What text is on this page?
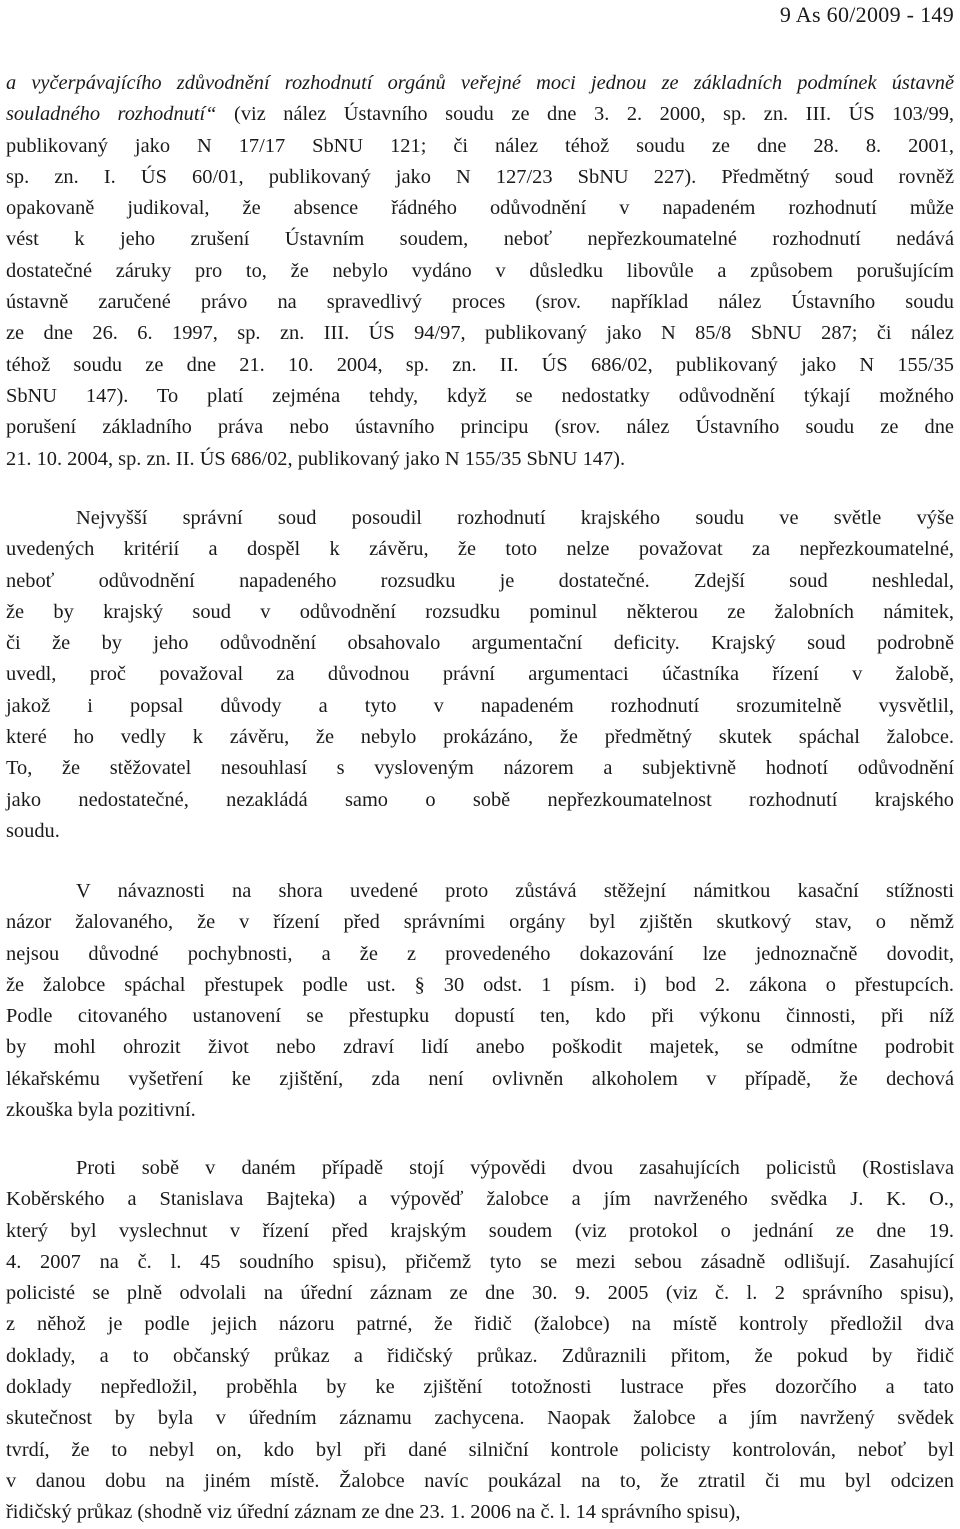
9 As 60/2009 - 149
a vyčerpávajícího zdůvodnění rozhodnutí orgánů veřejné moci jednou ze základních podmínek ústavně
souladného rozhodnutí“ (viz nález Ústavního soudu ze dne 3. 2. 2000, sp. zn. III. ÚS 103/99,
publikovaný jako N 17/17 SbNU 121; či nález téhož soudu ze dne 28. 8. 2001,
sp. zn. I. ÚS 60/01, publikovaný jako N 127/23 SbNU 227). Předmětný soud rovněž
opakovaně judikoval, že absence řádného odůvodnění v napadeném rozhodnutí může
vést k jeho zrušení Ústavním soudem, neboť nepřezkoumatelné rozhodnutí nedává
dostatečné záruky pro to, že nebylo vydáno v důsledku libovůle a způsobem porušujícím
ústavně zaručené právo na spravedlivý proces (srov. například nález Ústavního soudu
ze dne 26. 6. 1997, sp. zn. III. ÚS 94/97, publikovaný jako N 85/8 SbNU 287; či nález
téhož soudu ze dne 21. 10. 2004, sp. zn. II. ÚS 686/02, publikovaný jako N 155/35
SbNU 147). To platí zejména tehdy, když se nedostatky odůvodnění týkají možného
porušení základního práva nebo ústavního principu (srov. nález Ústavního soudu ze dne
21. 10. 2004, sp. zn. II. ÚS 686/02, publikovaný jako N 155/35 SbNU 147).
Nejvyšší správní soud posoudil rozhodnutí krajského soudu ve světle výše
uvedených kritérií a dospěl k závěru, že toto nelze považovat za nepřezkoumatelné,
neboť odůvodnění napadeného rozsudku je dostatečné. Zdejší soud neshledal,
že by krajský soud v odůvodnění rozsudku pominul některou ze žalobních námitek,
či že by jeho odůvodnění obsahovalo argumentační deficity. Krajský soud podrobně
uvedl, proč považoval za důvodnou právní argumentaci účastníka řízení v žalobě,
jakož i popsal důvody a tyto v napadeném rozhodnutí srozumitelně vysvětlil,
které ho vedly k závěru, že nebylo prokázáno, že předmětný skutek spáchal žalobce.
To, že stěžovatel nesouhlasí s vysloveným názorem a subjektivně hodnotí odůvodnění
jako nedostatečné, nezakládá samo o sobě nepřezkoumatelnost rozhodnutí krajského
soudu.
V návaznosti na shora uvedené proto zůstává stěžejní námitkou kasační stížnosti
názor žalovaného, že v řízení před správními orgány byl zjištěn skutkový stav, o němž
nejsou důvodné pochybnosti, a že z provedeného dokazování lze jednoznačně dovodit,
že žalobce spáchal přestupek podle ust. § 30 odst. 1 písm. i) bod 2. zákona o přestupcích.
Podle citovaného ustanovení se přestupku dopustí ten, kdo při výkonu činnosti, při níž
by mohl ohrozit život nebo zdraví lidí anebo poškodit majetek, se odmítne podrobit
lékařskému vyšetření ke zjištění, zda není ovlivněn alkoholem v případě, že dechová
zkouška byla pozitivní.
Proti sobě v daném případě stojí výpovědi dvou zasahujících policistů (Rostislava
Koběrského a Stanislava Bajteka) a výpověď žalobce a jím navrženého svědka J. K. O.,
který byl vyslechnut v řízení před krajským soudem (viz protokol o jednání ze dne 19.
4. 2007 na č. l. 45 soudního spisu), přičemž tyto se mezi sebou zásadně odlišují. Zasahující
policisté se plně odvolali na úřední záznam ze dne 30. 9. 2005 (viz č. l. 2 správního spisu),
z něhož je podle jejich názoru patrné, že řidič (žalobce) na místě kontroly předložil dva
doklady, a to občanský průkaz a řidičský průkaz. Zdůraznili přitom, že pokud by řidič
doklady nepředložil, proběhla by ke zjištění totožnosti lustrace přes dozorčího a tato
skutečnost by byla v úředním záznamu zachycena. Naopak žalobce a jím navržený svědek
tvrdí, že to nebyl on, kdo byl při dané silniční kontrole policisty kontrolován, neboť byl
v danou dobu na jiném místě. Žalobce navíc poukázal na to, že ztratil či mu byl odcizen
řidičský průkaz (shodně viz úřední záznam ze dne 23. 1. 2006 na č. l. 14 správního spisu),
